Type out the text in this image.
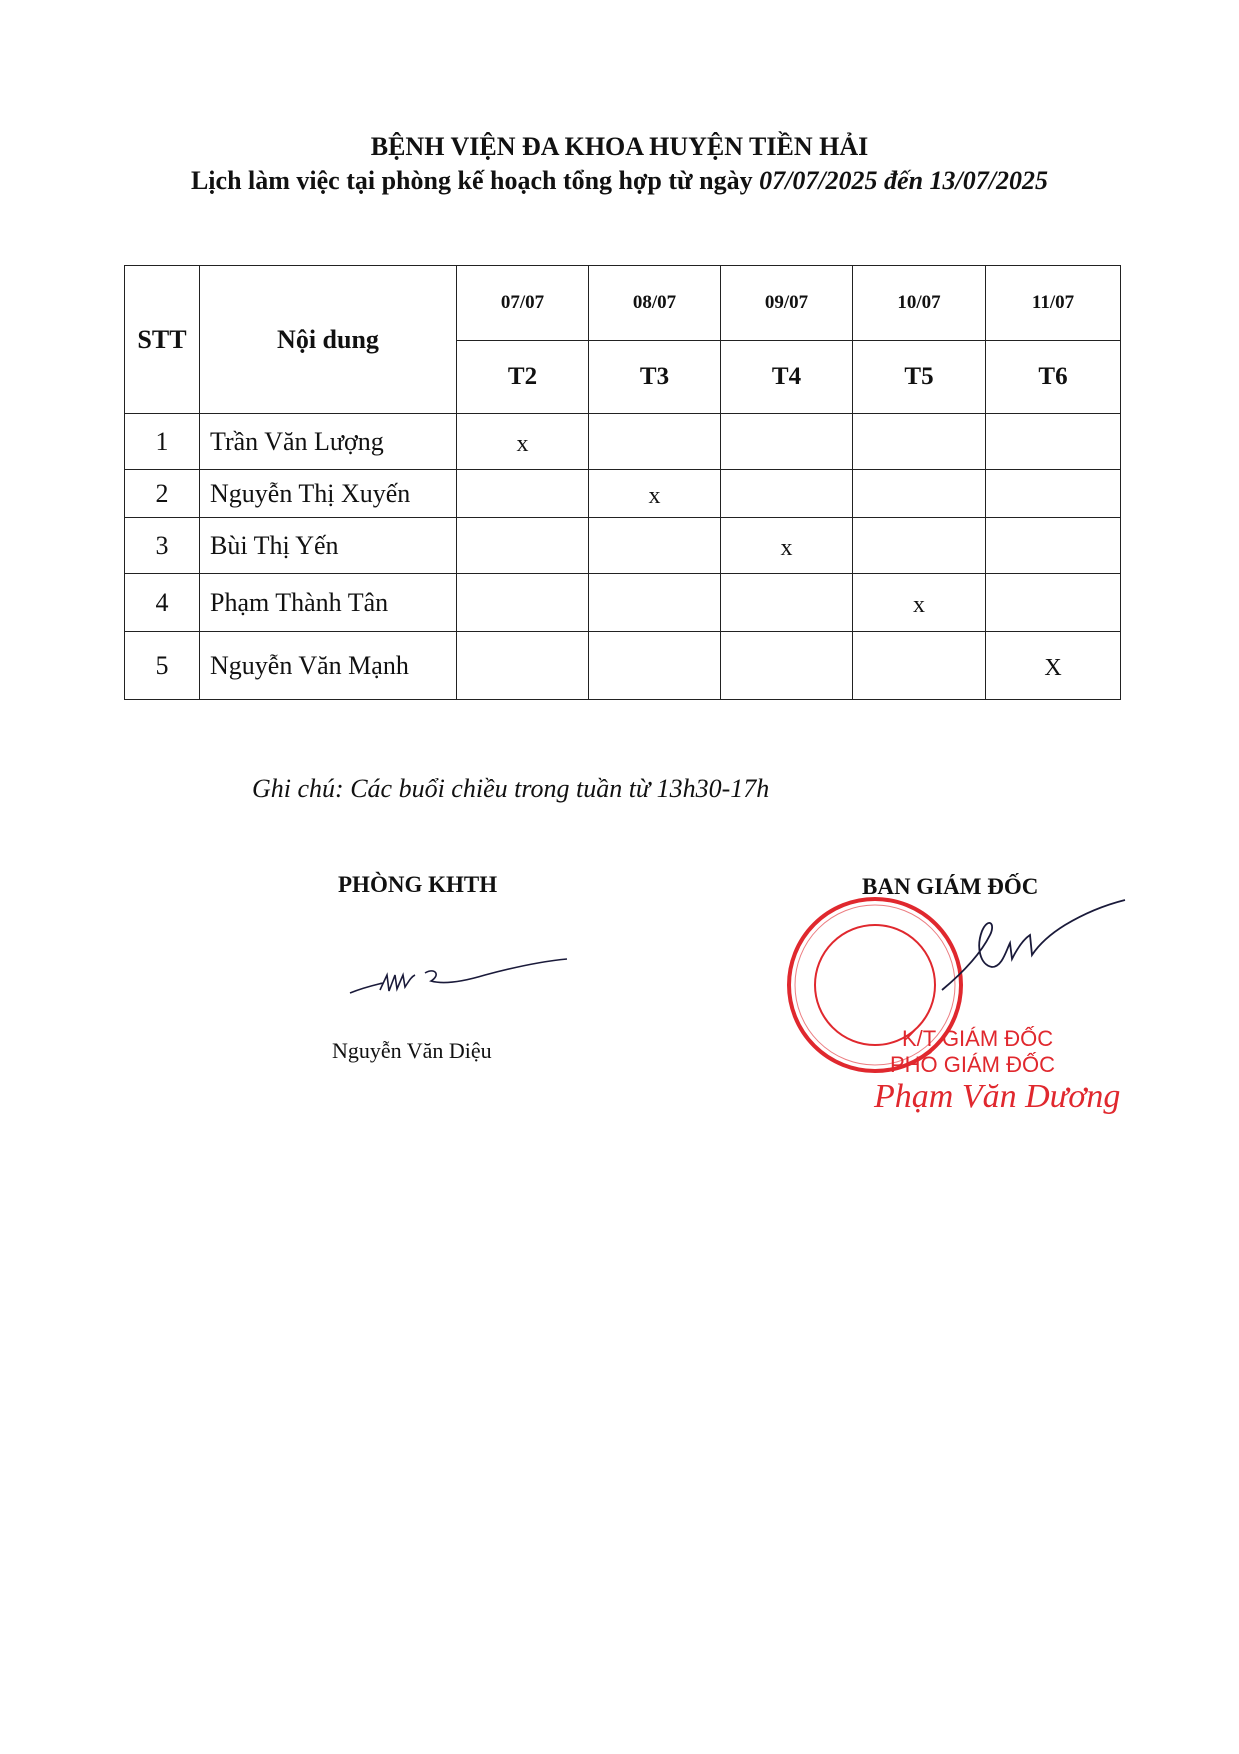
BỆNH VIỆN ĐA KHOA HUYỆN TIỀN HẢI
Lịch làm việc tại phòng kế hoạch tổng hợp từ ngày 07/07/2025 đến 13/07/2025
STT	Nội dung	07/07	08/07	09/07	10/07	11/07
		T2	T3	T4	T5	T6
1	Trần Văn Lượng	x				
2	Nguyễn Thị Xuyến		x			
3	Bùi Thị Yến			x		
4	Phạm Thành Tân				x	
5	Nguyễn Văn Mạnh					X
Ghi chú: Các buổi chiều trong tuần từ 13h30-17h
PHÒNG KHTH
Nguyễn Văn Diệu
BAN GIÁM ĐỐC
K/T GIÁM ĐỐC
PHÓ GIÁM ĐỐC
Phạm Văn Dương
